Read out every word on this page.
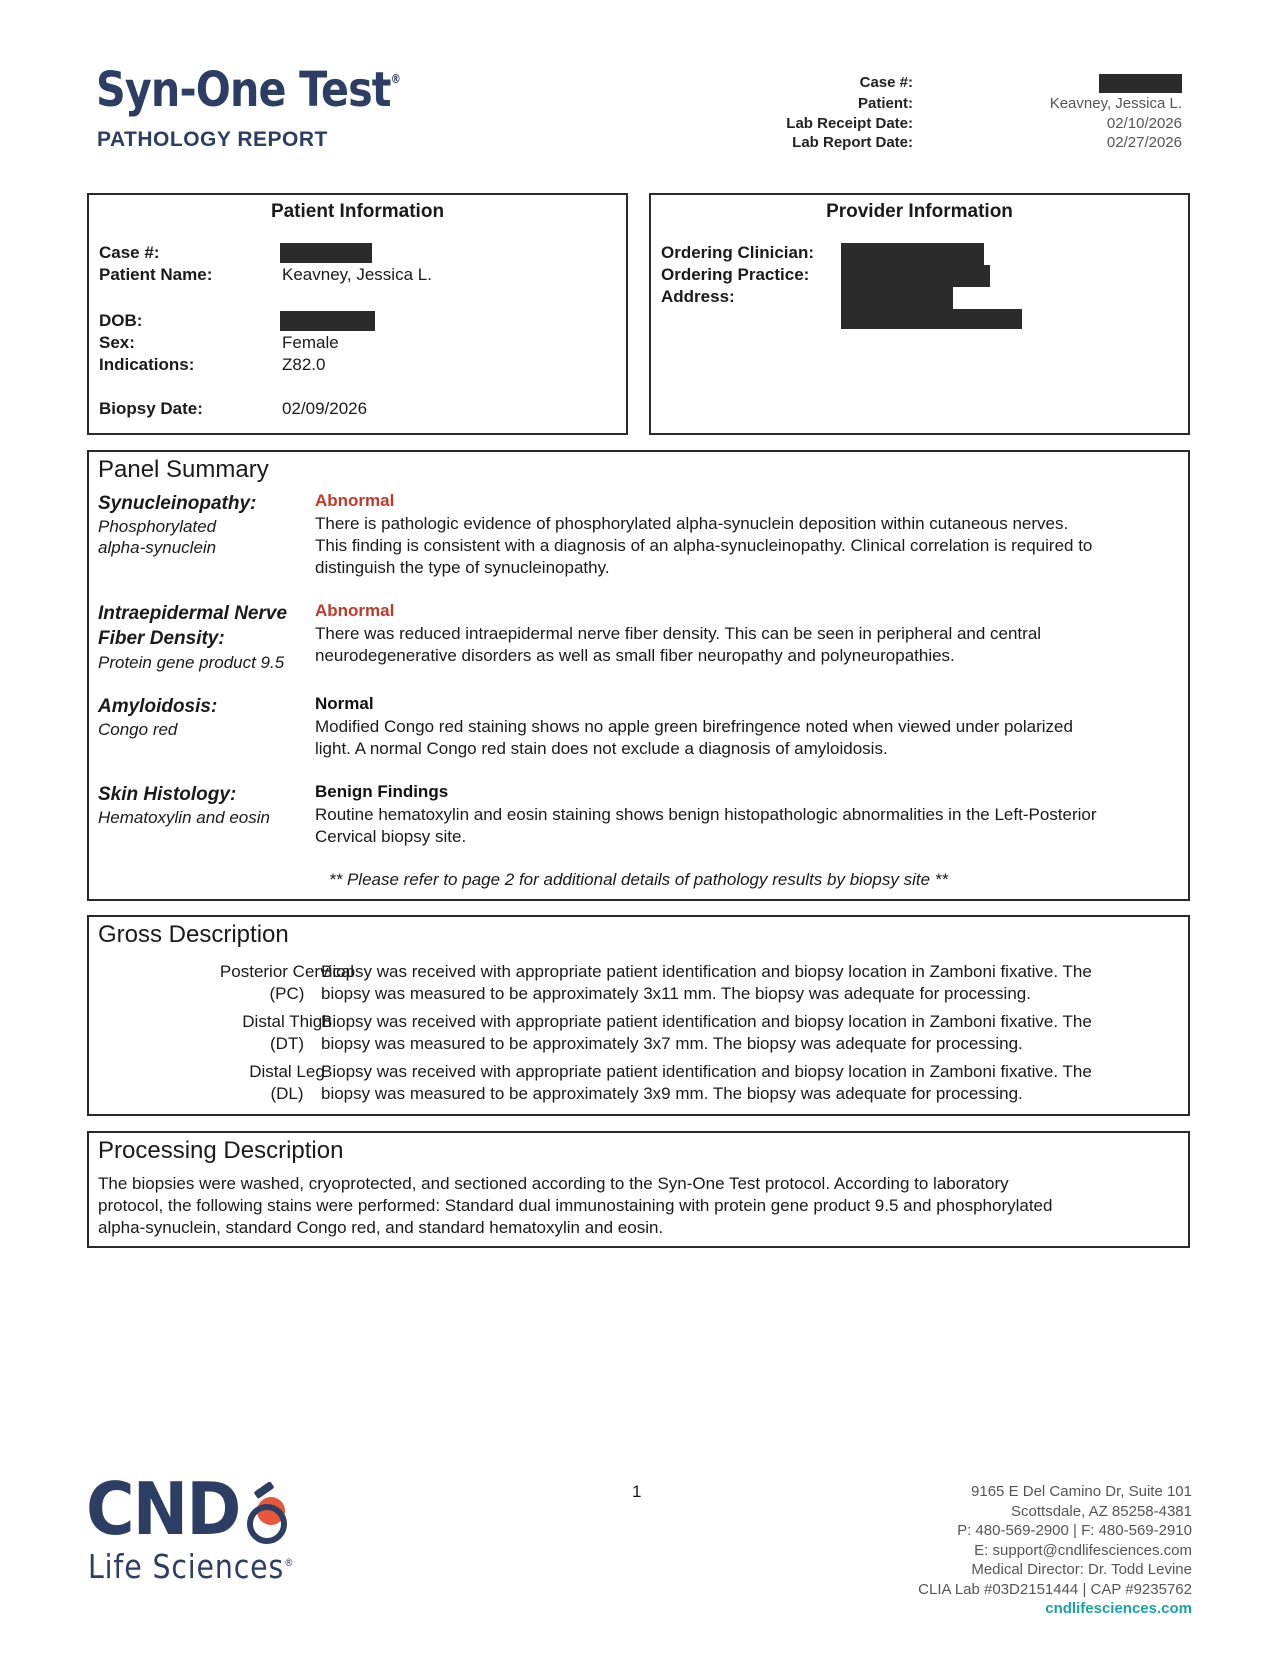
Syn-One Test®
PATHOLOGY REPORT
Case #:
Patient:	Keavney, Jessica L.
Lab Receipt Date:	02/10/2026
Lab Report Date:	02/27/2026
Patient Information
Case #:
Patient Name:	Keavney, Jessica L.
DOB:
Sex:	Female
Indications:	Z82.0
Biopsy Date:	02/09/2026
Provider Information
Ordering Clinician:
Ordering Practice:
Address:
Panel Summary
Synucleinopathy:
Phosphorylated
alpha-synuclein
Abnormal
There is pathologic evidence of phosphorylated alpha-synuclein deposition within cutaneous nerves.
This finding is consistent with a diagnosis of an alpha-synucleinopathy. Clinical correlation is required to
distinguish the type of synucleinopathy.
Intraepidermal Nerve
Fiber Density:
Protein gene product 9.5
Abnormal
There was reduced intraepidermal nerve fiber density. This can be seen in peripheral and central
neurodegenerative disorders as well as small fiber neuropathy and polyneuropathies.
Amyloidosis:
Congo red
Normal
Modified Congo red staining shows no apple green birefringence noted when viewed under polarized
light. A normal Congo red stain does not exclude a diagnosis of amyloidosis.
Skin Histology:
Hematoxylin and eosin
Benign Findings
Routine hematoxylin and eosin staining shows benign histopathologic abnormalities in the Left-Posterior
Cervical biopsy site.
** Please refer to page 2 for additional details of pathology results by biopsy site **
Gross Description
Posterior Cervical
(PC)
Biopsy was received with appropriate patient identification and biopsy location in Zamboni fixative. The
biopsy was measured to be approximately 3x11 mm. The biopsy was adequate for processing.
Distal Thigh
(DT)
Biopsy was received with appropriate patient identification and biopsy location in Zamboni fixative. The
biopsy was measured to be approximately 3x7 mm. The biopsy was adequate for processing.
Distal Leg
(DL)
Biopsy was received with appropriate patient identification and biopsy location in Zamboni fixative. The
biopsy was measured to be approximately 3x9 mm. The biopsy was adequate for processing.
Processing Description
The biopsies were washed, cryoprotected, and sectioned according to the Syn-One Test protocol. According to laboratory
protocol, the following stains were performed: Standard dual immunostaining with protein gene product 9.5 and phosphorylated
alpha-synuclein, standard Congo red, and standard hematoxylin and eosin.
CND
Life Sciences®
1	9165 E Del Camino Dr, Suite 101
Scottsdale, AZ 85258-4381
P: 480-569-2900 | F: 480-569-2910
E: support@cndlifesciences.com
Medical Director: Dr. Todd Levine
CLIA Lab #03D2151444 | CAP #9235762
cndlifesciences.com
